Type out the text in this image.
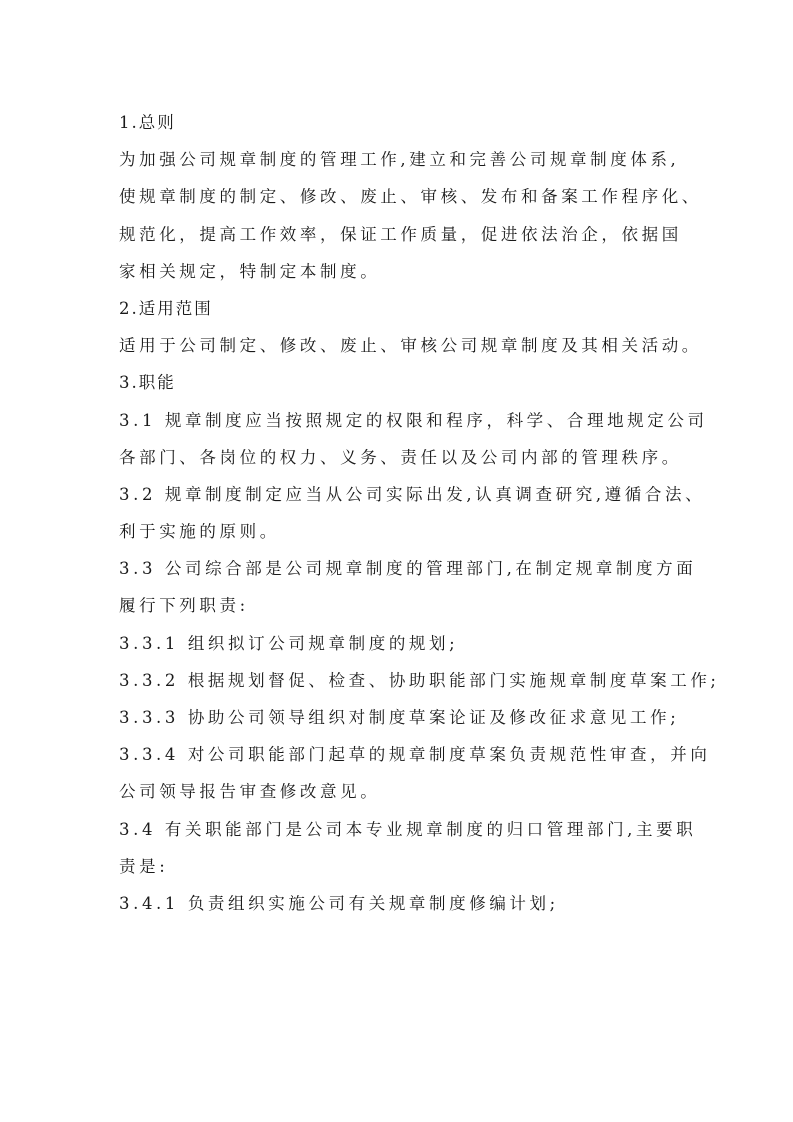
1.总则
为加强公司规章制度的管理工作,建立和完善公司规章制度体系,
使规章制度的制定、修改、废止、审核、发布和备案工作程序化、
规范化，提高工作效率，保证工作质量，促进依法治企，依据国
家相关规定，特制定本制度。
2.适用范围
适用于公司制定、修改、废止、审核公司规章制度及其相关活动。
3.职能
3.1 规章制度应当按照规定的权限和程序，科学、合理地规定公司
各部门、各岗位的权力、义务、责任以及公司内部的管理秩序。
3.2 规章制度制定应当从公司实际出发,认真调查研究,遵循合法、
利于实施的原则。
3.3 公司综合部是公司规章制度的管理部门,在制定规章制度方面
履行下列职责:
3.3.1 组织拟订公司规章制度的规划;
3.3.2 根据规划督促、检查、协助职能部门实施规章制度草案工作;
3.3.3 协助公司领导组织对制度草案论证及修改征求意见工作;
3.3.4 对公司职能部门起草的规章制度草案负责规范性审查，并向
公司领导报告审查修改意见。
3.4 有关职能部门是公司本专业规章制度的归口管理部门,主要职
责是:
3.4.1 负责组织实施公司有关规章制度修编计划;
